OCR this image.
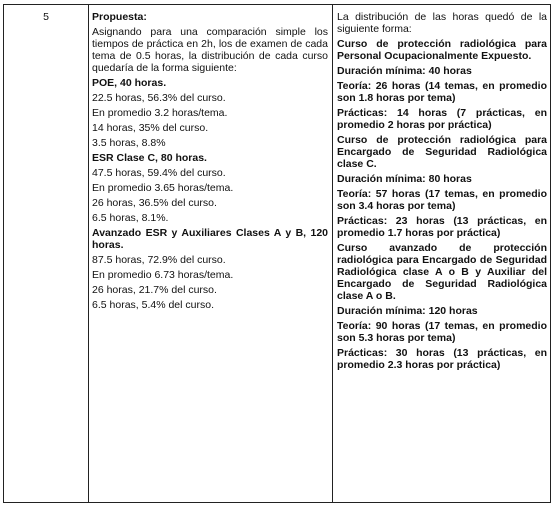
5	Propuesta:
Asignando para una comparación simple los tiempos de práctica en 2h, los de examen de cada tema de 0.5 horas, la distribución de cada curso quedaría de la forma siguiente:
POE, 40 horas.
22.5 horas, 56.3% del curso.
En promedio 3.2 horas/tema.
14 horas, 35% del curso.
3.5 horas, 8.8%
ESR Clase C, 80 horas.
47.5 horas, 59.4% del curso.
En promedio 3.65 horas/tema.
26 horas, 36.5% del curso.
6.5 horas, 8.1%.
Avanzado ESR y Auxiliares Clases A y B, 120 horas.
87.5 horas, 72.9% del curso.
En promedio 6.73 horas/tema.
26 horas, 21.7% del curso.
6.5 horas, 5.4% del curso.
La distribución de las horas quedó de la siguiente forma:
Curso de protección radiológica para Personal Ocupacionalmente Expuesto.
Duración mínima: 40 horas
Teoría: 26 horas (14 temas, en promedio son 1.8 horas por tema)
Prácticas: 14 horas (7 prácticas, en promedio 2 horas por práctica)
Curso de protección radiológica para Encargado de Seguridad Radiológica clase C.
Duración mínima: 80 horas
Teoría: 57 horas (17 temas, en promedio son 3.4 horas por tema)
Prácticas: 23 horas (13 prácticas, en promedio 1.7 horas por práctica)
Curso avanzado de protección radiológica para Encargado de Seguridad Radiológica clase A o B y Auxiliar del Encargado de Seguridad Radiológica clase A o B.
Duración mínima: 120 horas
Teoría: 90 horas (17 temas, en promedio son 5.3 horas por tema)
Prácticas: 30 horas (13 prácticas, en promedio 2.3 horas por práctica)
